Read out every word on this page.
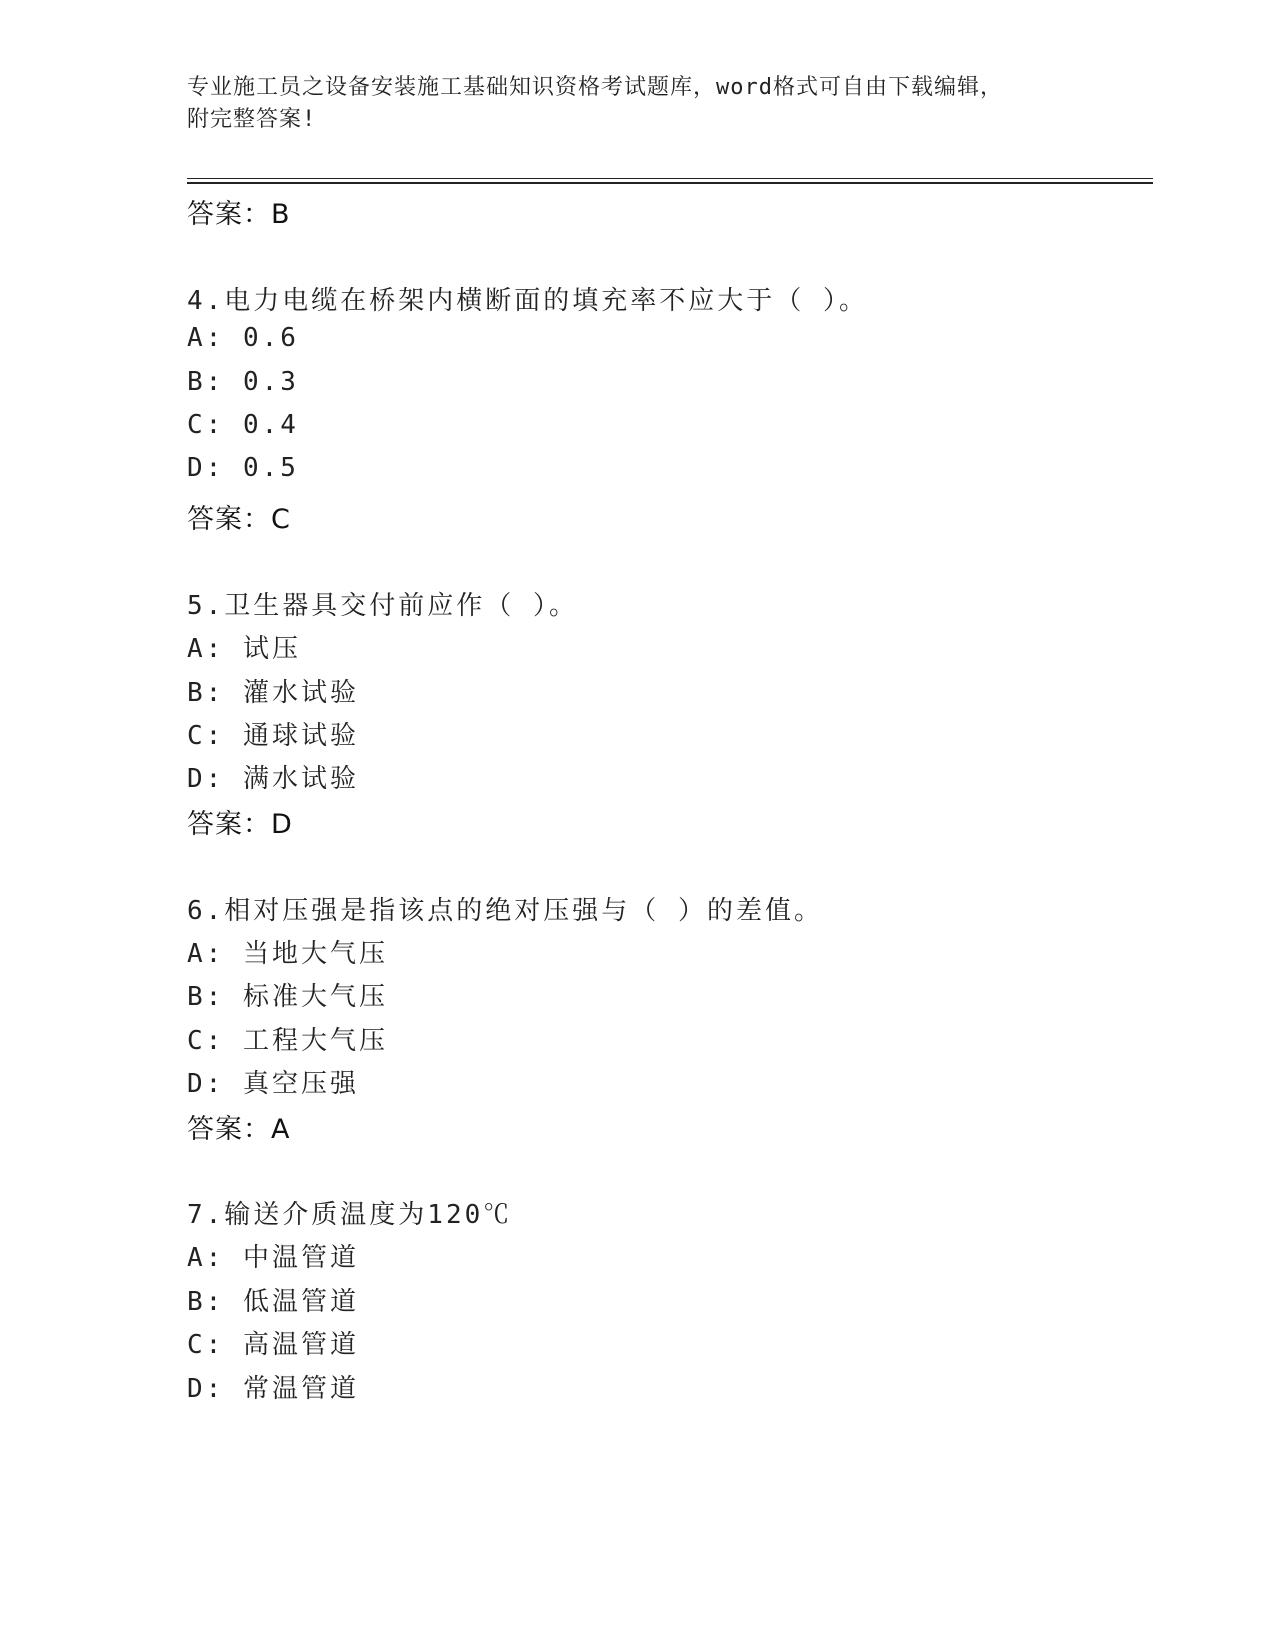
专业施工员之设备安装施工基础知识资格考试题库，word格式可自由下载编辑，
附完整答案!
答案：B
4.电力电缆在桥架内横断面的填充率不应大于（ ）。
A: 0.6
B: 0.3
C: 0.4
D: 0.5
答案：C
5.卫生器具交付前应作（ ）。
A: 试压
B: 灌水试验
C: 通球试验
D: 满水试验
答案：D
6.相对压强是指该点的绝对压强与（ ）的差值。
A: 当地大气压
B: 标准大气压
C: 工程大气压
D: 真空压强
答案：A
7.输送介质温度为120℃
A: 中温管道
B: 低温管道
C: 高温管道
D: 常温管道
